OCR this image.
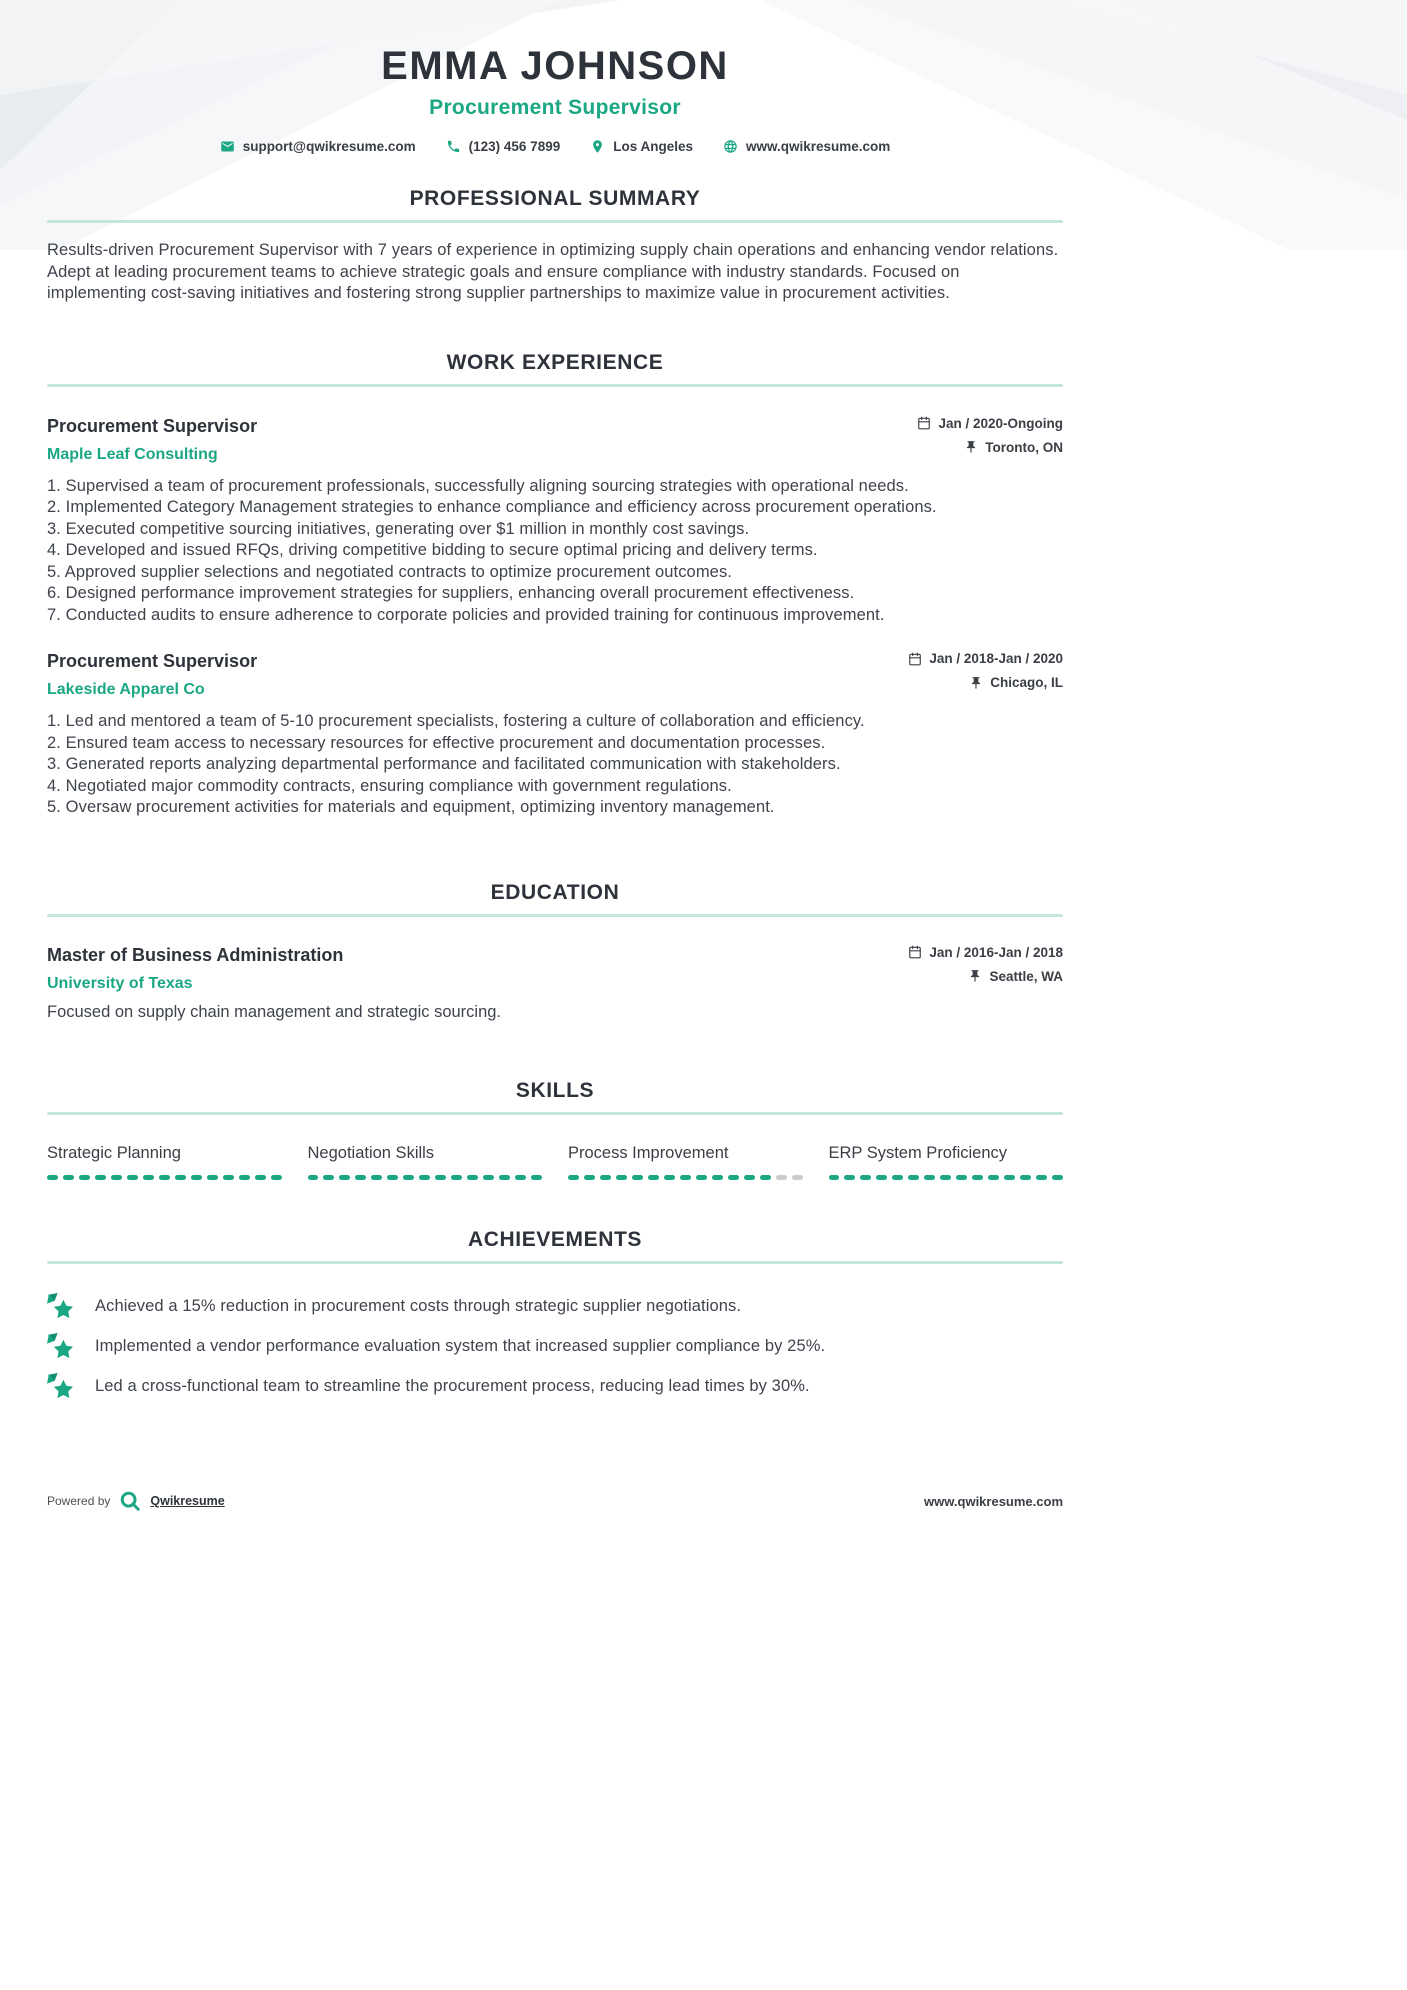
EMMA JOHNSON
Procurement Supervisor
support@qwikresume.com	(123) 456 7899	Los Angeles	www.qwikresume.com
PROFESSIONAL SUMMARY

Results-driven Procurement Supervisor with 7 years of experience in optimizing supply chain operations and enhancing vendor relations. Adept at leading procurement teams to achieve strategic goals and ensure compliance with industry standards. Focused on implementing cost-saving initiatives and fostering strong supplier partnerships to maximize value in procurement activities.

WORK EXPERIENCE
Procurement Supervisor
Maple Leaf Consulting
Jan / 2020-Ongoing
Toronto, ON
Supervised a team of procurement professionals, successfully aligning sourcing strategies with operational needs.
Implemented Category Management strategies to enhance compliance and efficiency across procurement operations.
Executed competitive sourcing initiatives, generating over $1 million in monthly cost savings.
Developed and issued RFQs, driving competitive bidding to secure optimal pricing and delivery terms.
Approved supplier selections and negotiated contracts to optimize procurement outcomes.
Designed performance improvement strategies for suppliers, enhancing overall procurement effectiveness.
Conducted audits to ensure adherence to corporate policies and provided training for continuous improvement.
Procurement Supervisor
Lakeside Apparel Co
Jan / 2018-Jan / 2020
Chicago, IL
Led and mentored a team of 5-10 procurement specialists, fostering a culture of collaboration and efficiency.
Ensured team access to necessary resources for effective procurement and documentation processes.
Generated reports analyzing departmental performance and facilitated communication with stakeholders.
Negotiated major commodity contracts, ensuring compliance with government regulations.
Oversaw procurement activities for materials and equipment, optimizing inventory management.
EDUCATION
Master of Business Administration
University of Texas
Jan / 2016-Jan / 2018
Seattle, WA

Focused on supply chain management and strategic sourcing.

SKILLS
Strategic Planning	Negotiation Skills	Process Improvement	ERP System Proficiency
ACHIEVEMENTS
Achieved a 15% reduction in procurement costs through strategic supplier negotiations.
Implemented a vendor performance evaluation system that increased supplier compliance by 25%.
Led a cross-functional team to streamline the procurement process, reducing lead times by 30%.
Powered by	Qwikresume	www.qwikresume.com
